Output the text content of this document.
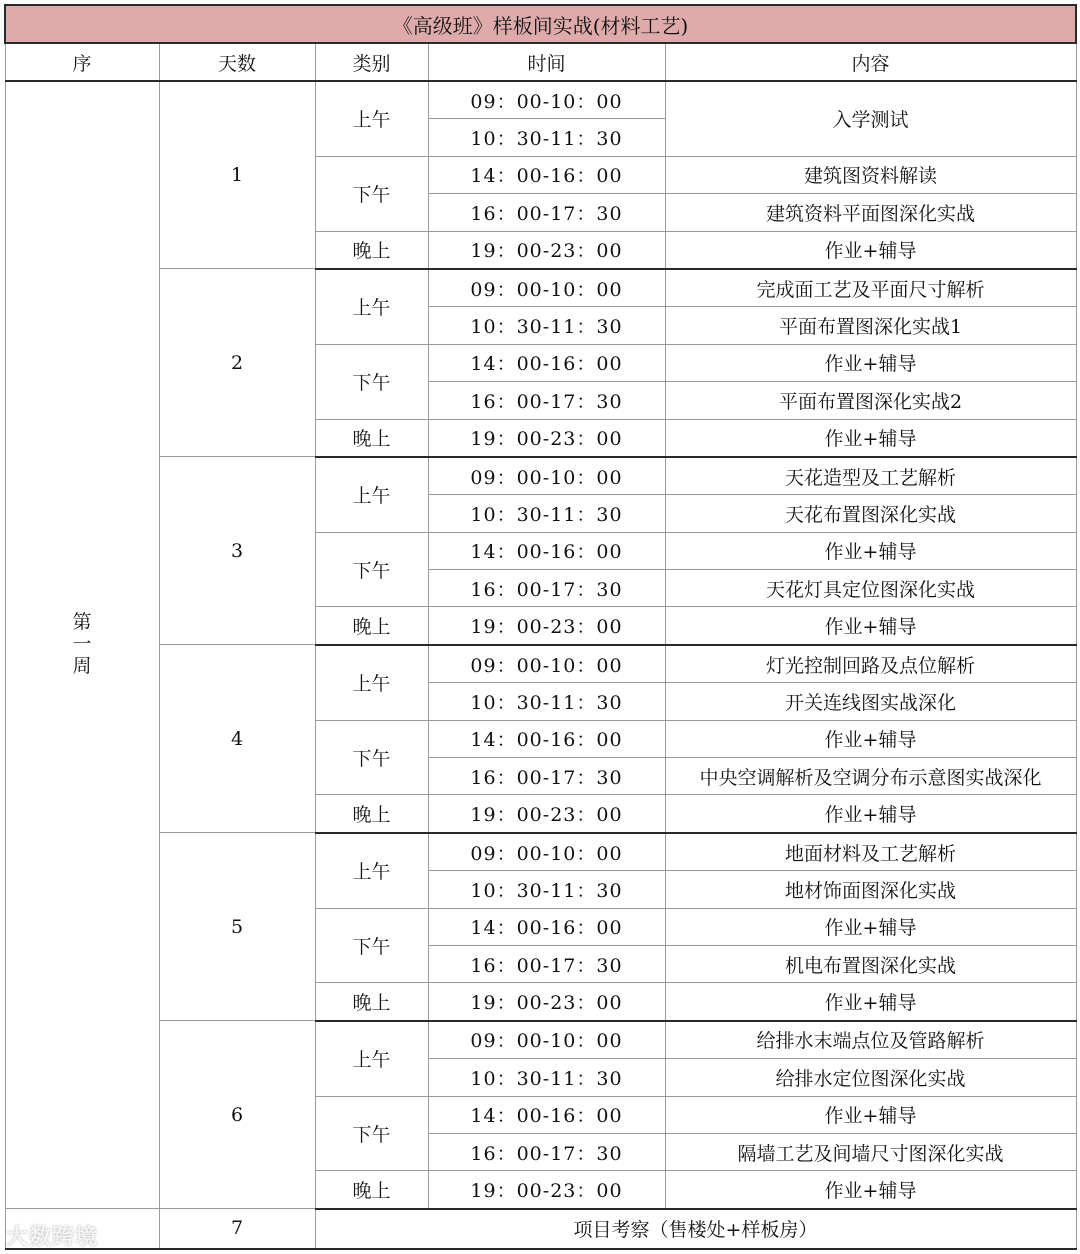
《高级班》样板间实战(材料工艺)				
序	天数	类别	时间	内容
第
一
周	1	上午	09：00-10：00	入学测试
			10：30-11：30	
		下午	14：00-16：00	建筑图资料解读
			16：00-17：30	建筑资料平面图深化实战
		晚上	19：00-23：00	作业+辅导
	2	上午	09：00-10：00	完成面工艺及平面尺寸解析
			10：30-11：30	平面布置图深化实战1
		下午	14：00-16：00	作业+辅导
			16：00-17：30	平面布置图深化实战2
		晚上	19：00-23：00	作业+辅导
	3	上午	09：00-10：00	天花造型及工艺解析
			10：30-11：30	天花布置图深化实战
		下午	14：00-16：00	作业+辅导
			16：00-17：30	天花灯具定位图深化实战
		晚上	19：00-23：00	作业+辅导
	4	上午	09：00-10：00	灯光控制回路及点位解析
			10：30-11：30	开关连线图实战深化
		下午	14：00-16：00	作业+辅导
			16：00-17：30	中央空调解析及空调分布示意图实战深化
		晚上	19：00-23：00	作业+辅导
	5	上午	09：00-10：00	地面材料及工艺解析
			10：30-11：30	地材饰面图深化实战
		下午	14：00-16：00	作业+辅导
			16：00-17：30	机电布置图深化实战
		晚上	19：00-23：00	作业+辅导
	6	上午	09：00-10：00	给排水末端点位及管路解析
			10：30-11：30	给排水定位图深化实战
		下午	14：00-16：00	作业+辅导
			16：00-17：30	隔墙工艺及间墙尺寸图深化实战
		晚上	19：00-23：00	作业+辅导
	7	项目考察（售楼处+样板房）		
大数跨境
